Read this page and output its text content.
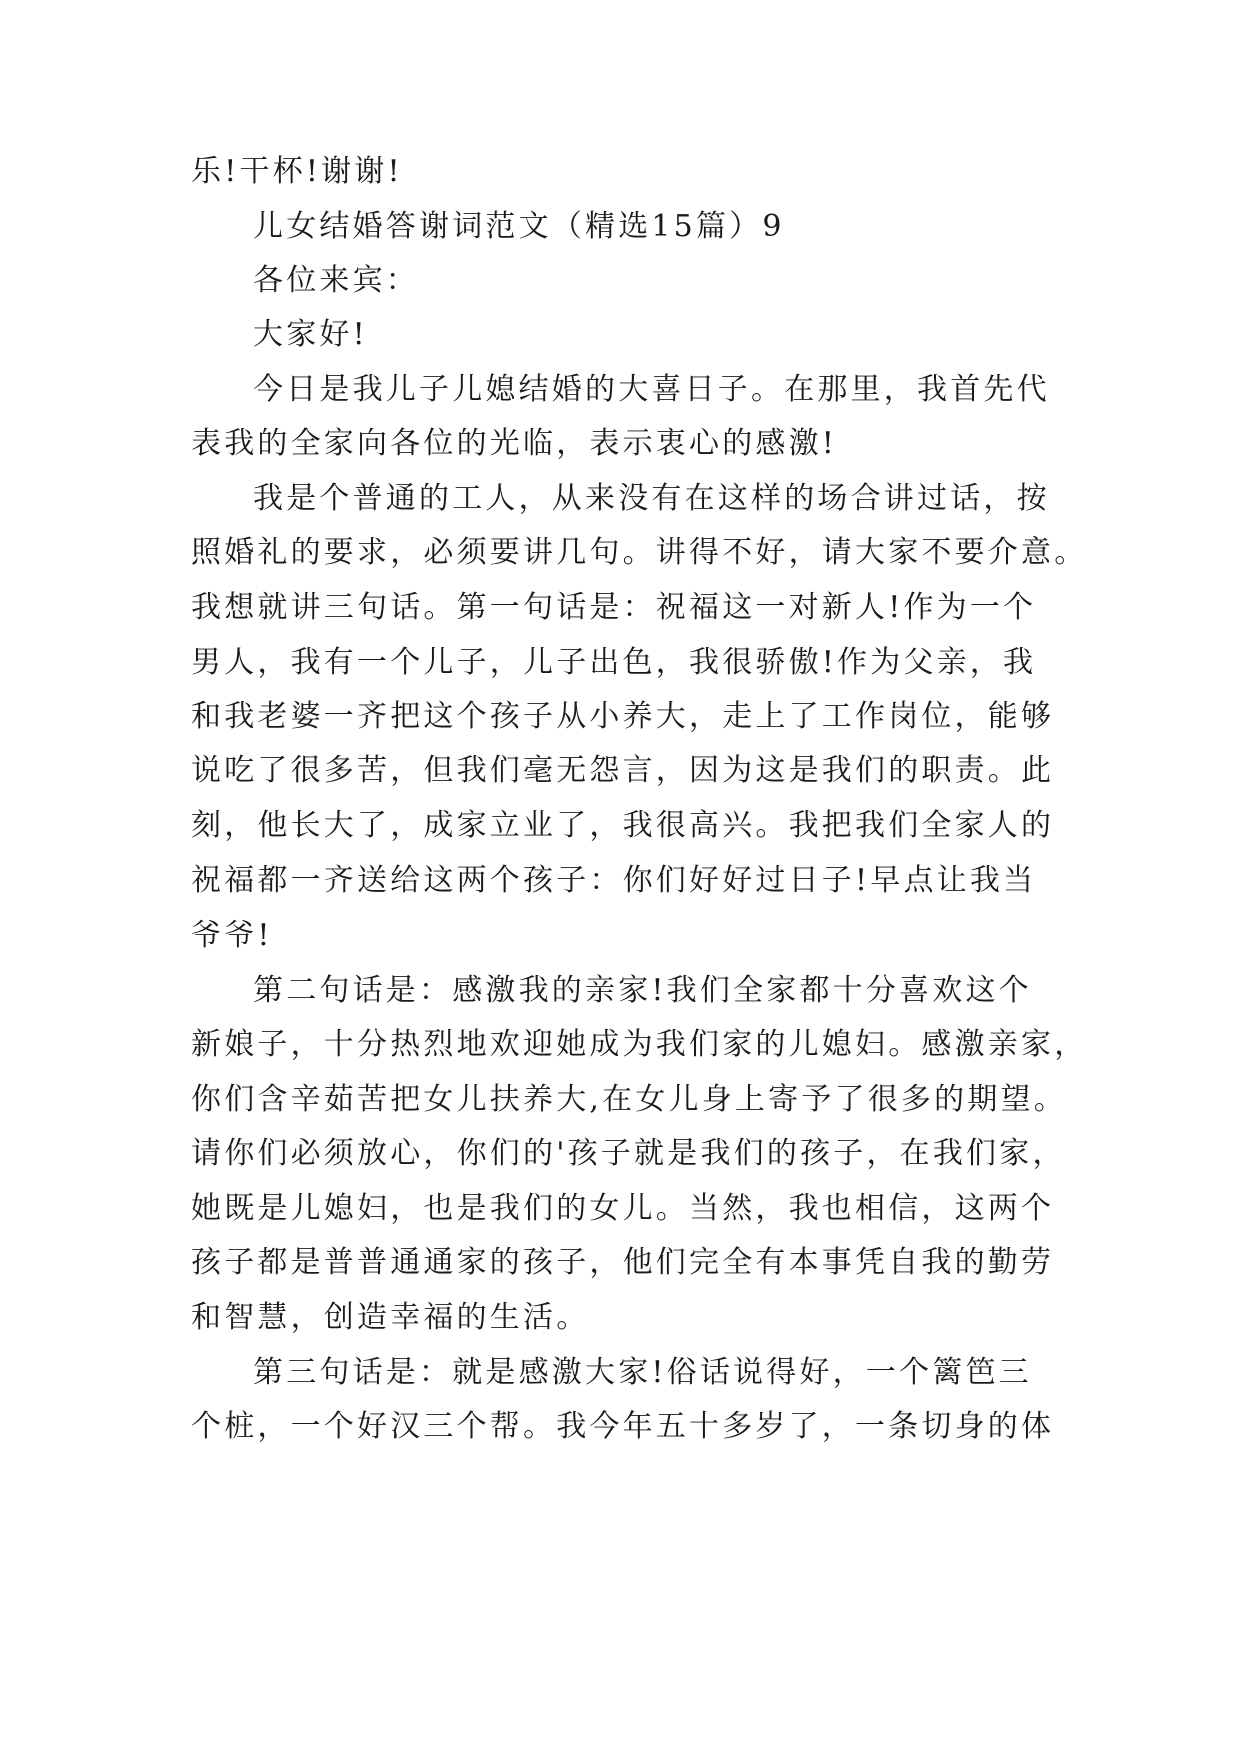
乐!干杯!谢谢!
儿女结婚答谢词范文（精选15篇）9
各位来宾：
大家好!
今日是我儿子儿媳结婚的大喜日子。在那里，我首先代
表我的全家向各位的光临，表示衷心的感激!
我是个普通的工人，从来没有在这样的场合讲过话，按
照婚礼的要求，必须要讲几句。讲得不好，请大家不要介意。
我想就讲三句话。第一句话是：祝福这一对新人!作为一个
男人，我有一个儿子，儿子出色，我很骄傲!作为父亲，我
和我老婆一齐把这个孩子从小养大，走上了工作岗位，能够
说吃了很多苦，但我们毫无怨言，因为这是我们的职责。此
刻，他长大了，成家立业了，我很高兴。我把我们全家人的
祝福都一齐送给这两个孩子：你们好好过日子!早点让我当
爷爷!
第二句话是：感激我的亲家!我们全家都十分喜欢这个
新娘子，十分热烈地欢迎她成为我们家的儿媳妇。感激亲家，
你们含辛茹苦把女儿扶养大,在女儿身上寄予了很多的期望。
请你们必须放心，你们的'孩子就是我们的孩子，在我们家，
她既是儿媳妇，也是我们的女儿。当然，我也相信，这两个
孩子都是普普通通家的孩子，他们完全有本事凭自我的勤劳
和智慧，创造幸福的生活。
第三句话是：就是感激大家!俗话说得好，一个篱笆三
个桩，一个好汉三个帮。我今年五十多岁了，一条切身的体
